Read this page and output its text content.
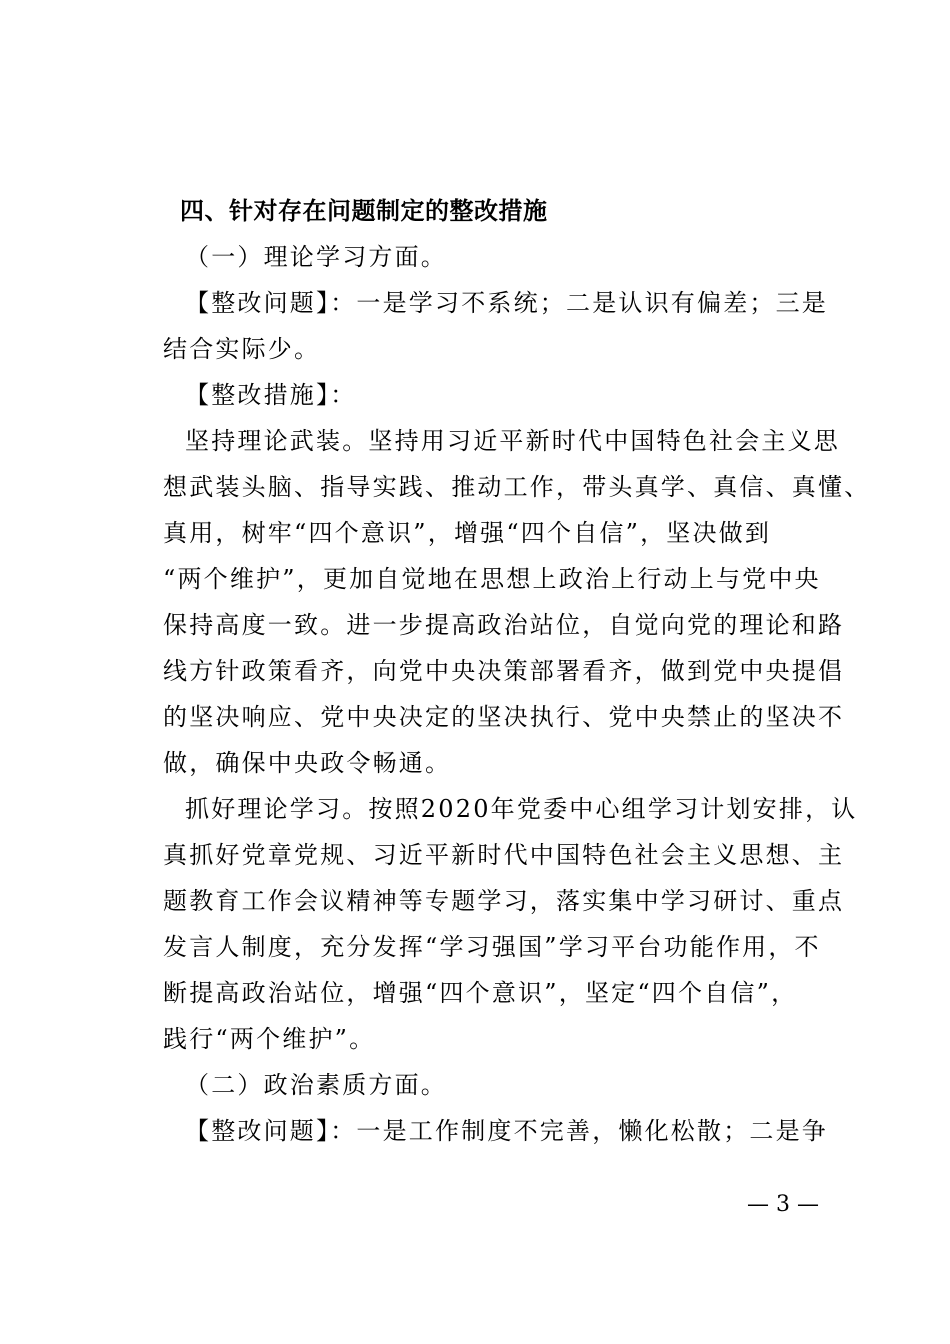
四、针对存在问题制定的整改措施
（一）理论学习方面。
【整改问题】：一是学习不系统；二是认识有偏差；三是
结合实际少。
【整改措施】：
坚持理论武装。坚持用习近平新时代中国特色社会主义思
想武装头脑、指导实践、推动工作，带头真学、真信、真懂、
真用，树牢“四个意识”，增强“四个自信”，坚决做到
“两个维护”，更加自觉地在思想上政治上行动上与党中央
保持高度一致。进一步提高政治站位，自觉向党的理论和路
线方针政策看齐，向党中央决策部署看齐，做到党中央提倡
的坚决响应、党中央决定的坚决执行、党中央禁止的坚决不
做，确保中央政令畅通。
抓好理论学习。按照2020年党委中心组学习计划安排，认
真抓好党章党规、习近平新时代中国特色社会主义思想、主
题教育工作会议精神等专题学习，落实集中学习研讨、重点
发言人制度，充分发挥“学习强国”学习平台功能作用，不
断提高政治站位，增强“四个意识”，坚定“四个自信”，
践行“两个维护”。
（二）政治素质方面。
【整改问题】：一是工作制度不完善，懒化松散；二是争
— 3 —
